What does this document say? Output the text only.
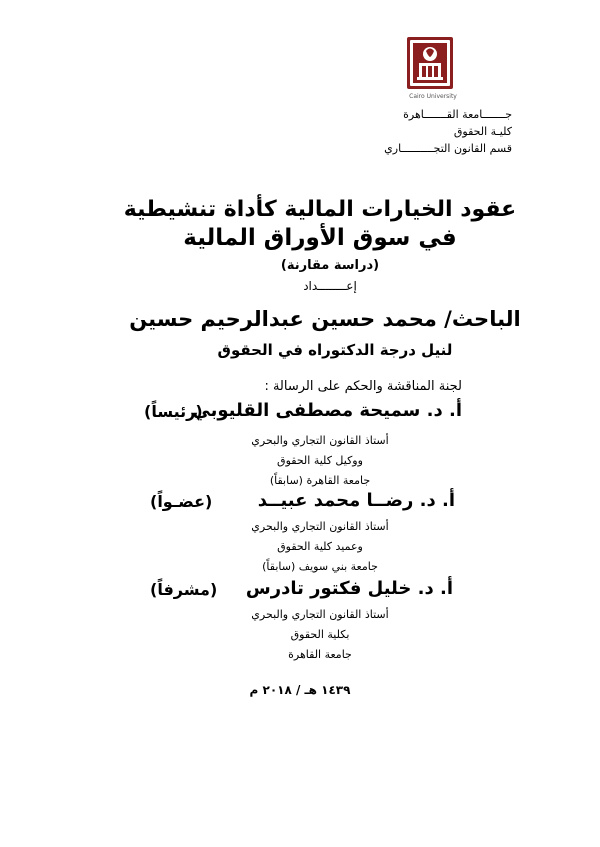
Cairo University
جـــــــامعة القـــــــاهرة
كليـة الحقوق
قسم القانون التجــــــــــاري
عقود الخيارات المالية كأداة تنشيطية
في سوق الأوراق المالية
(دراسة مقارنة)
إعــــــــداد
الباحث/ محمد حسين عبدالرحيم حسين
لنيل درجة الدكتوراه في الحقوق
لجنة المناقشة والحكم على الرسالة :
أ. د. سميحة مصطفى القليوبي
(رئيساً)
أستاذ القانون التجاري والبحري
ووكيل كلية الحقوق
جامعة القاهرة (سابقاً)
أ. د. رضــا محمد عبيــد
(عضـواً)
أستاذ القانون التجاري والبحري
وعميد كلية الحقوق
جامعة بني سويف (سابقاً)
أ. د. خليل فكتور تادرس
(مشرفاً)
أستاذ القانون التجاري والبحري
بكلية الحقوق
جامعة القاهرة
١٤٣٩ هـ / ٢٠١٨ م
